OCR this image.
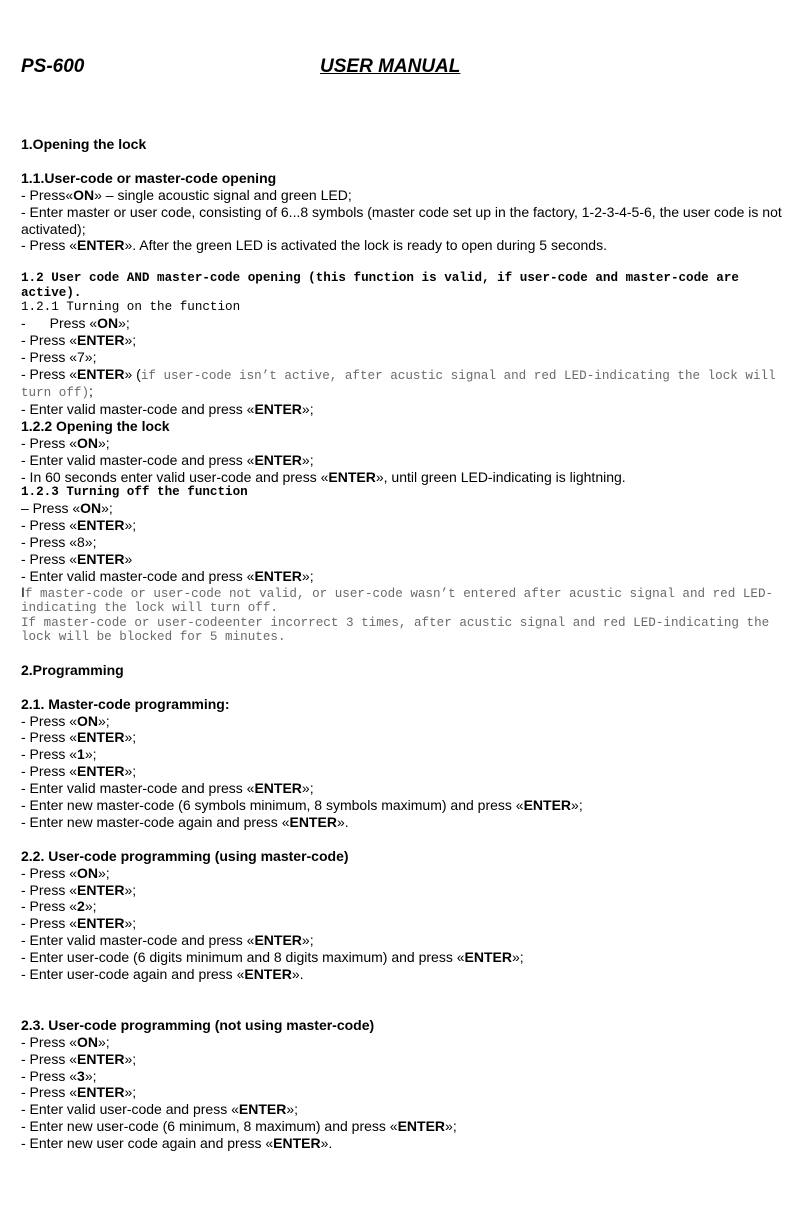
PS-600	USER MANUAL

1.Opening the lock

1.1.User-code or master-code opening

- Press«ON» – single acoustic signal and green LED;

- Enter master or user code, consisting of 6...8 symbols (master code set up in the factory, 1-2-3-4-5-6, the user code is not activated);

- Press «ENTER». After the green LED is activated the lock is ready to open during 5 seconds.

1.2 User code AND master-code opening (this function is valid, if user-code and master-code are active).

1.2.1 Turning on the function

- Press «ON»;

- Press «ENTER»;

- Press «7»;

- Press «ENTER» (if user-code isn’t active, after acustic signal and red LED-indicating the lock will turn off);

- Enter valid master-code and press «ENTER»;

1.2.2 Opening the lock

- Press «ON»;

- Enter valid master-code and press «ENTER»;

- In 60 seconds enter valid user-code and press «ENTER», until green LED-indicating is lightning.

1.2.3 Turning off the function

– Press «ON»;

- Press «ENTER»;

- Press «8»;

- Press «ENTER»

- Enter valid master-code and press «ENTER»;

If master-code or user-code not valid, or user-code wasn’t entered after acustic signal and red LED-indicating the lock will turn off.

If master-code or user-codeenter incorrect 3 times, after acustic signal and red LED-indicating the lock will be blocked for 5 minutes.

2.Programming

2.1. Master-code programming:

- Press «ON»;

- Press «ENTER»;

- Press «1»;

- Press «ENTER»;

- Enter valid master-code and press «ENTER»;

- Enter new master-code (6 symbols minimum, 8 symbols maximum) and press «ENTER»;

- Enter new master-code again and press «ENTER».

2.2. User-code programming (using master-code)

- Press «ON»;

- Press «ENTER»;

- Press «2»;

- Press «ENTER»;

- Enter valid master-code and press «ENTER»;

- Enter user-code (6 digits minimum and 8 digits maximum) and press «ENTER»;

- Enter user-code again and press «ENTER».

2.3. User-code programming (not using master-code)

- Press «ON»;

- Press «ENTER»;

- Press «3»;

- Press «ENTER»;

- Enter valid user-code and press «ENTER»;

- Enter new user-code (6 minimum, 8 maximum) and press «ENTER»;

- Enter new user code again and press «ENTER».
